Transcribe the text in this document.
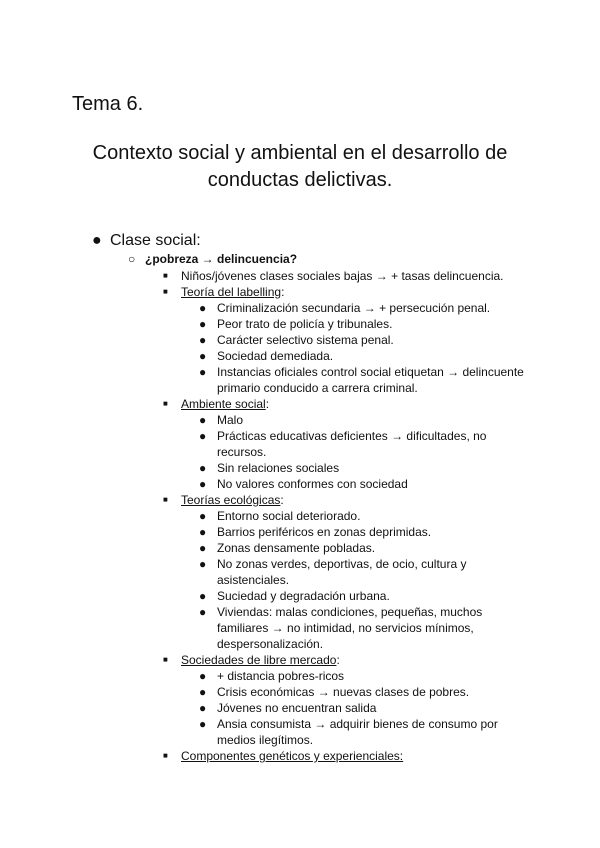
Tema 6.
Contexto social y ambiental en el desarrollo de conductas delictivas.
● Clase social:
○ ¿pobreza → delincuencia?
■ Niños/jóvenes clases sociales bajas → + tasas delincuencia.
■ Teoría del labelling:
● Criminalización secundaria → + persecución penal.
● Peor trato de policía y tribunales.
● Carácter selectivo sistema penal.
● Sociedad demediada.
● Instancias oficiales control social etiquetan → delincuente
primario conducido a carrera criminal.
■ Ambiente social:
● Malo
● Prácticas educativas deficientes → dificultades, no
recursos.
● Sin relaciones sociales
● No valores conformes con sociedad
■ Teorías ecológicas:
● Entorno social deteriorado.
● Barrios periféricos en zonas deprimidas.
● Zonas densamente pobladas.
● No zonas verdes, deportivas, de ocio, cultura y
asistenciales.
● Suciedad y degradación urbana.
● Viviendas: malas condiciones, pequeñas, muchos
familiares → no intimidad, no servicios mínimos,
despersonalización.
■ Sociedades de libre mercado:
● + distancia pobres-ricos
● Crisis económicas → nuevas clases de pobres.
● Jóvenes no encuentran salida
● Ansia consumista → adquirir bienes de consumo por
medios ilegítimos.
■ Componentes genéticos y experienciales:
